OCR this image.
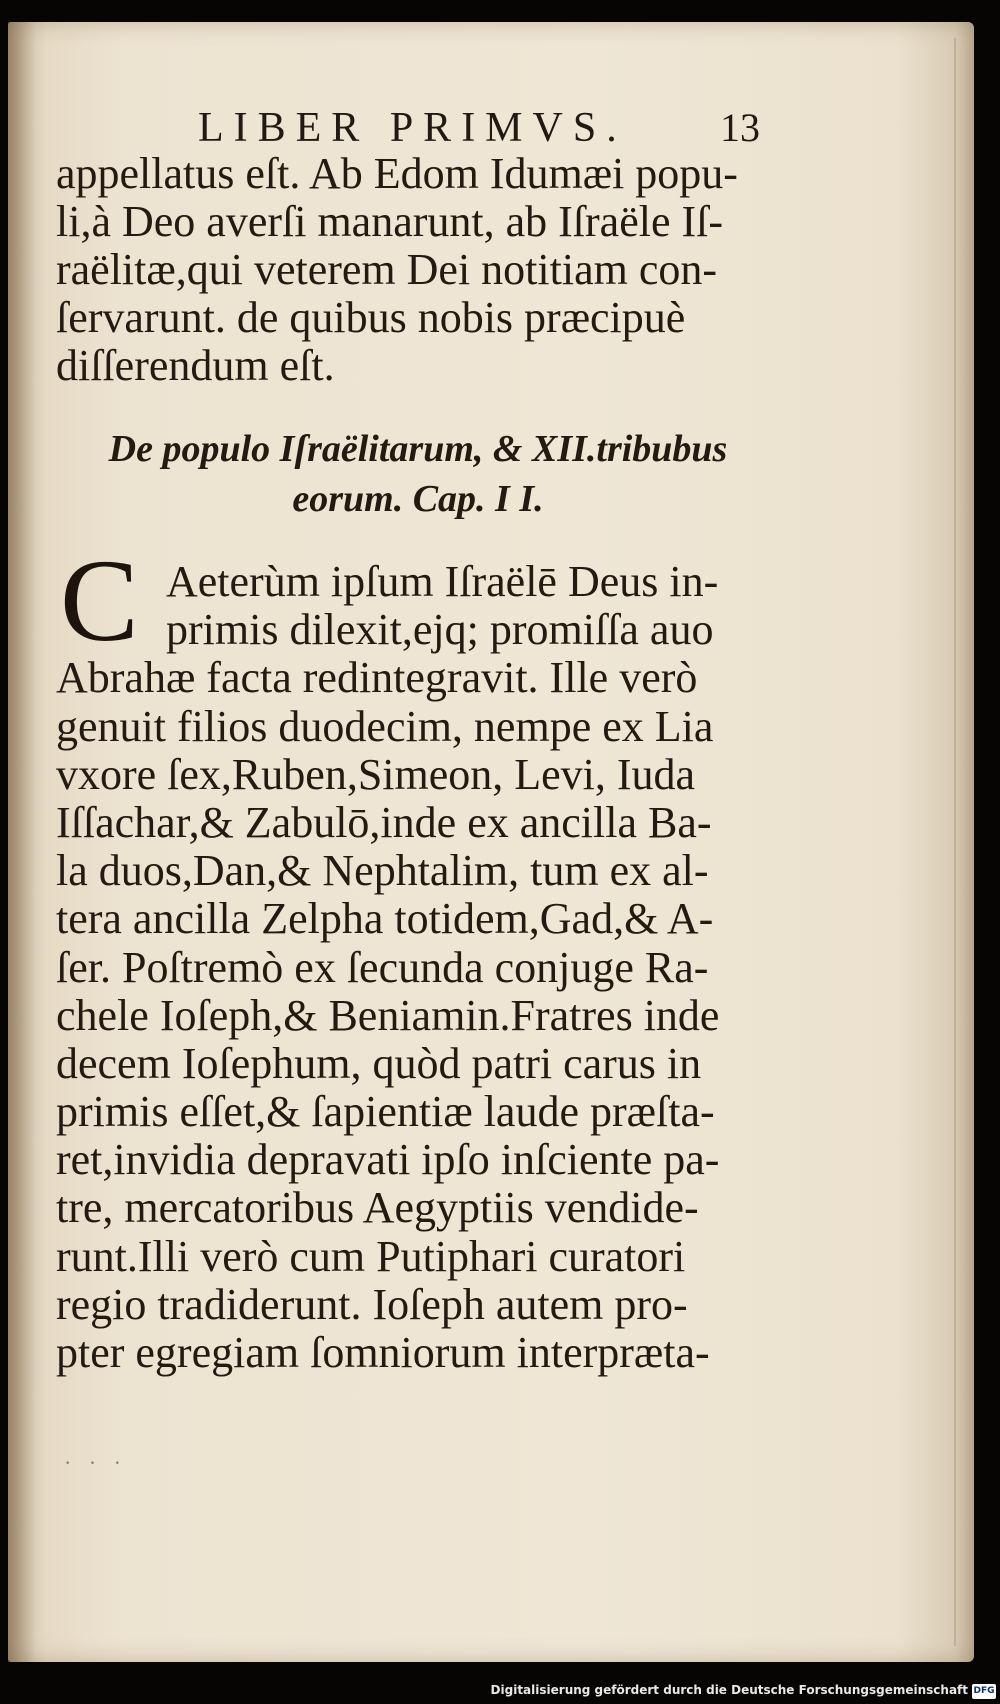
LIBER PRIMVS. 13
appellatus eſt. Ab Edom Idumæi popu-
li,à Deo averſi manarunt, ab Iſraële Iſ-
raëlitæ,qui veterem Dei notitiam con-
ſervarunt. de quibus nobis præcipuè
diſſerendum eſt.
De populo Iſraëlitarum, & XII.tribubus
eorum. Cap. I I.
C Aeterùm ipſum Iſraëlē Deus in-
primis dilexit,ejq; promiſſa auo
Abrahæ facta redintegravit. Ille verò
genuit filios duodecim, nempe ex Lia
vxore ſex,Ruben,Simeon, Levi, Iuda
Iſſachar,& Zabulō,inde ex ancilla Ba-
la duos,Dan,& Nephtalim, tum ex al-
tera ancilla Zelpha totidem,Gad,& A-
ſer. Poſtremò ex ſecunda conjuge Ra-
chele Ioſeph,& Beniamin.Fratres inde
decem Ioſephum, quòd patri carus in
primis eſſet,& ſapientiæ laude præſta-
ret,invidia depravati ipſo inſciente pa-
tre, mercatoribus Aegyptiis vendide-
runt.Illi verò cum Putiphari curatori
regio tradiderunt. Ioſeph autem pro-
pter egregiam ſomniorum interpræta-
· · ·
Digitalisierung gefördert durch die Deutsche Forschungsgemeinschaft DFG
